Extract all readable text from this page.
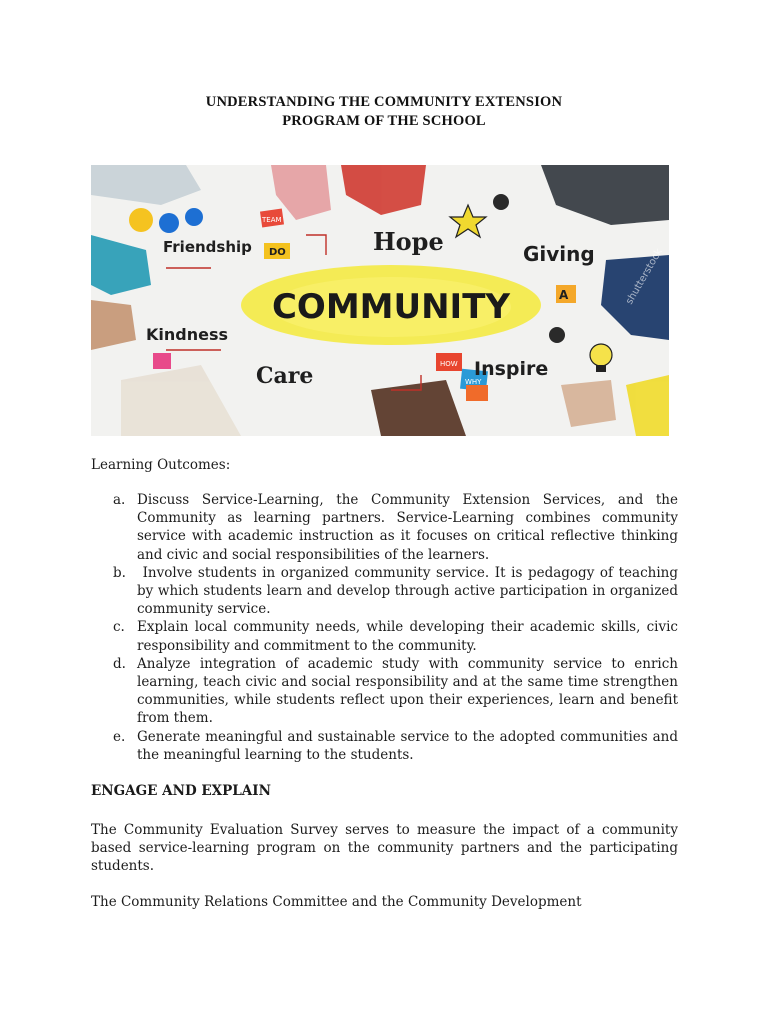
UNDERSTANDING THE COMMUNITY EXTENSION
PROGRAM OF THE SCHOOL
Friendship DO
TEAM
Hope	Giving
COMMUNITY	A
Kindness
Care	HOW
WHY
Inspire
shutterstock
Learning Outcomes:
a. Discuss Service-Learning, the Community Extension Services, and the Community as learning partners. Service-Learning combines community service with academic instruction as it focuses on critical reflective thinking and civic and social responsibilities of the learners.
b. Involve students in organized community service. It is pedagogy of teaching by which students learn and develop through active participation in organized community service.
c. Explain local community needs, while developing their academic skills, civic responsibility and commitment to the community.
d. Analyze integration of academic study with community service to enrich learning, teach civic and social responsibility and at the same time strengthen communities, while students reflect upon their experiences, learn and benefit from them.
e. Generate meaningful and sustainable service to the adopted communities and the meaningful learning to the students.
ENGAGE AND EXPLAIN
The Community Evaluation Survey serves to measure the impact of a community based service-learning program on the community partners and the participating students.
The Community Relations Committee and the Community Development
